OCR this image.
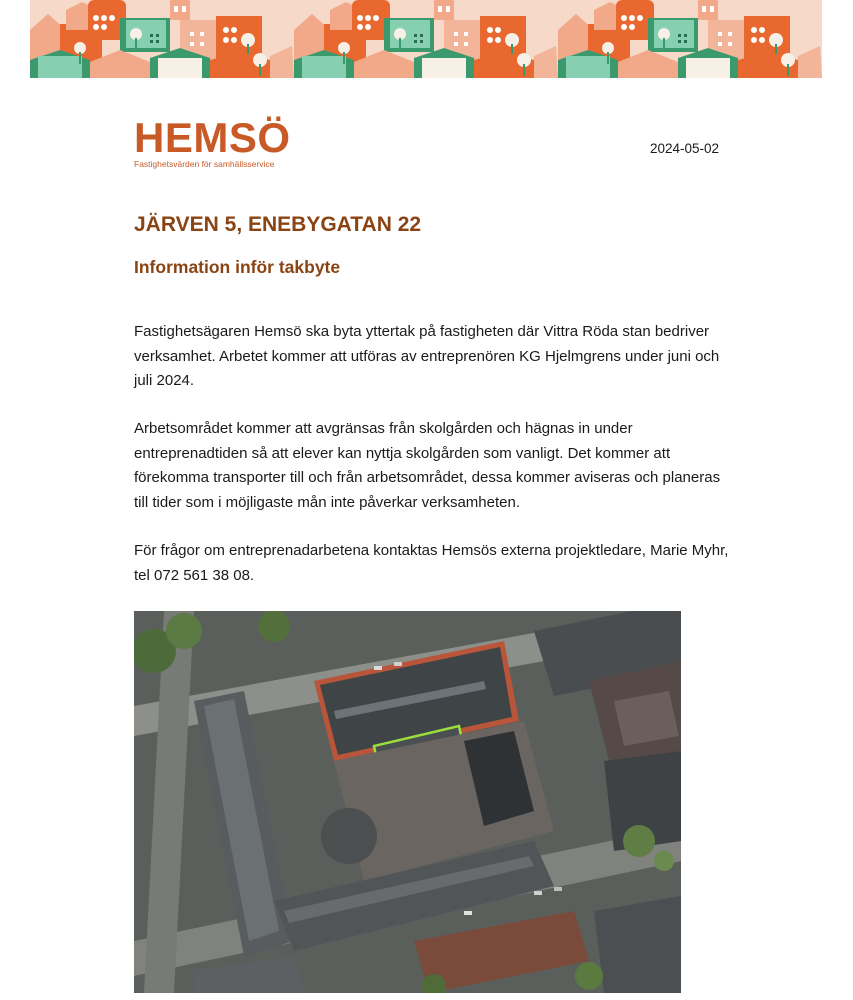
HEMSÖ
Fastighetsvärden för samhällsservice
2024-05-02
JÄRVEN 5, ENEBYGATAN 22
Information inför takbyte

Fastighetsägaren Hemsö ska byta yttertak på fastigheten där Vittra Röda stan bedriver verksamhet. Arbetet kommer att utföras av entreprenören KG Hjelmgrens under juni och juli 2024.

Arbetsområdet kommer att avgränsas från skolgården och hägnas in under entreprenadtiden så att elever kan nyttja skolgården som vanligt. Det kommer att förekomma transporter till och från arbetsområdet, dessa kommer aviseras och planeras till tider som i möjligaste mån inte påverkar verksamheten.

För frågor om entreprenadarbetena kontaktas Hemsös externa projektledare, Marie Myhr, tel 072 561 38 08.
